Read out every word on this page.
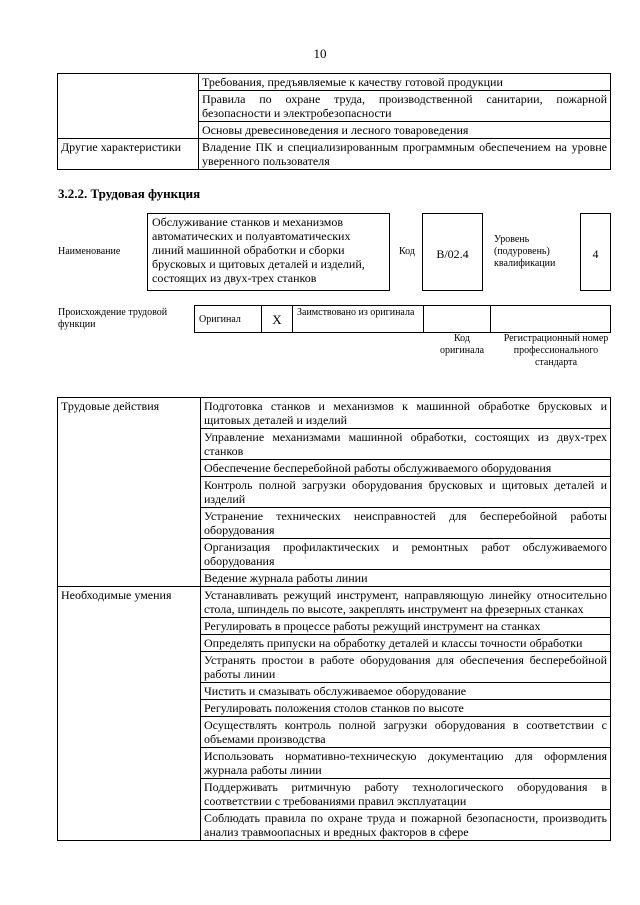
10
	Требования, предъявляемые к качеству готовой продукции
	Правила по охране труда, производственной санитарии, пожарной безопасности и электробезопасности
	Основы древесиноведения и лесного товароведения
Другие характеристики	Владение ПК и специализированным программным обеспечением на уровне уверенного пользователя
3.2.2. Трудовая функция
Наименование
Обслуживание станков и механизмов автоматических и полуавтоматических линий машинной обработки и сборки брусковых и щитовых деталей и изделий, состоящих из двух-трех станков
Код	B/02.4
Уровень (подуровень) квалификации
4
Происхождение трудовой функции	Оригинал	X	Заимствовано из оригинала		
Код оригинала
Регистрационный номер профессионального стандарта
Трудовые действия	Подготовка станков и механизмов к машинной обработке брусковых и щитовых деталей и изделий
	Управление механизмами машинной обработки, состоящих из двух-трех станков
	Обеспечение бесперебойной работы обслуживаемого оборудования
	Контроль полной загрузки оборудования брусковых и щитовых деталей и изделий
	Устранение технических неисправностей для бесперебойной работы оборудования
	Организация профилактических и ремонтных работ обслуживаемого оборудования
	Ведение журнала работы линии
Необходимые умения	Устанавливать режущий инструмент, направляющую линейку относительно стола, шпиндель по высоте, закреплять инструмент на фрезерных станках
	Регулировать в процессе работы режущий инструмент на станках
	Определять припуски на обработку деталей и классы точности обработки
	Устранять простои в работе оборудования для обеспечения бесперебойной работы линии
	Чистить и смазывать обслуживаемое оборудование
	Регулировать положения столов станков по высоте
	Осуществлять контроль полной загрузки оборудования в соответствии с объемами производства
	Использовать нормативно-техническую документацию для оформления журнала работы линии
	Поддерживать ритмичную работу технологического оборудования в соответствии с требованиями правил эксплуатации
	Соблюдать правила по охране труда и пожарной безопасности, производить анализ травмоопасных и вредных факторов в сфере
